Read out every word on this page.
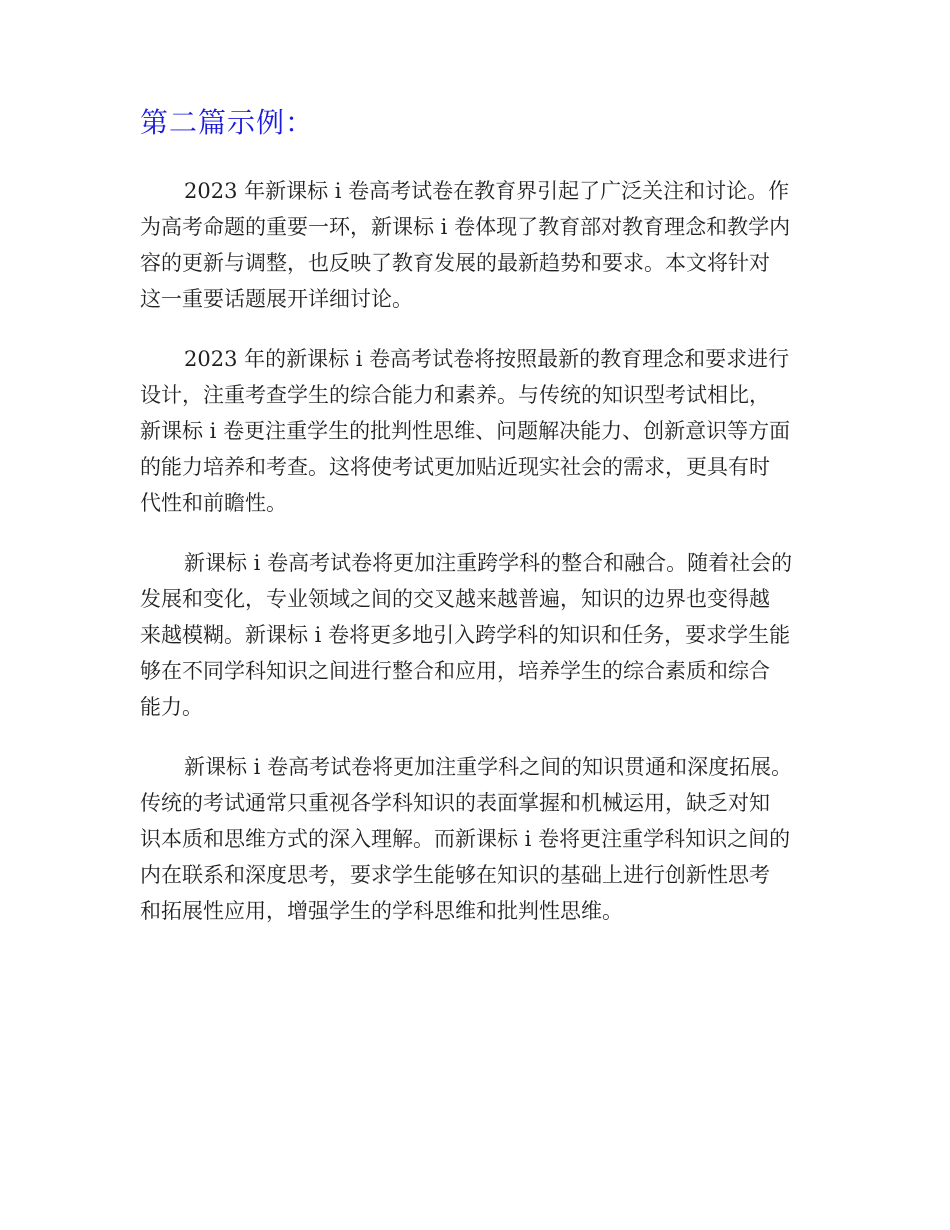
第二篇示例：

2023 年新课标 i 卷高考试卷在教育界引起了广泛关注和讨论。作
为高考命题的重要一环，新课标 i 卷体现了教育部对教育理念和教学内
容的更新与调整，也反映了教育发展的最新趋势和要求。本文将针对
这一重要话题展开详细讨论。

2023 年的新课标 i 卷高考试卷将按照最新的教育理念和要求进行
设计，注重考查学生的综合能力和素养。与传统的知识型考试相比，
新课标 i 卷更注重学生的批判性思维、问题解决能力、创新意识等方面
的能力培养和考查。这将使考试更加贴近现实社会的需求，更具有时
代性和前瞻性。

新课标 i 卷高考试卷将更加注重跨学科的整合和融合。随着社会的
发展和变化，专业领域之间的交叉越来越普遍，知识的边界也变得越
来越模糊。新课标 i 卷将更多地引入跨学科的知识和任务，要求学生能
够在不同学科知识之间进行整合和应用，培养学生的综合素质和综合
能力。

新课标 i 卷高考试卷将更加注重学科之间的知识贯通和深度拓展。
传统的考试通常只重视各学科知识的表面掌握和机械运用，缺乏对知
识本质和思维方式的深入理解。而新课标 i 卷将更注重学科知识之间的
内在联系和深度思考，要求学生能够在知识的基础上进行创新性思考
和拓展性应用，增强学生的学科思维和批判性思维。
